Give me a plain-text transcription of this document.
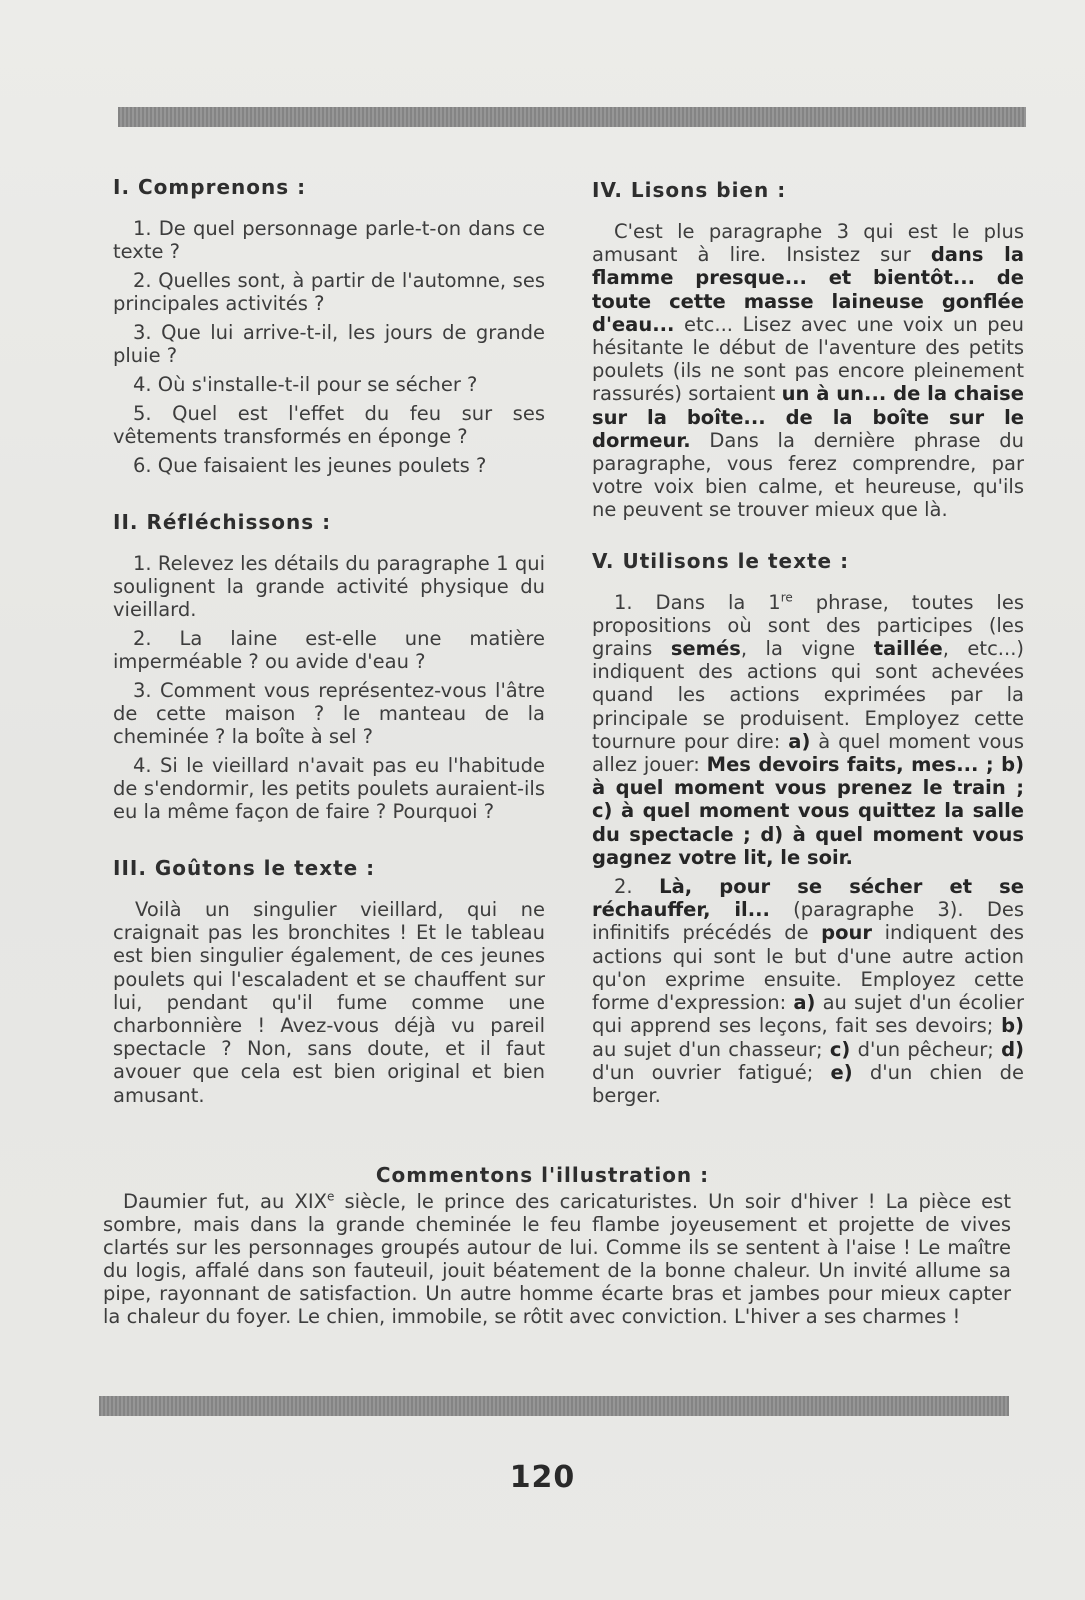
I. Comprenons :
1. De quel personnage parle-t-on dans ce texte ?
2. Quelles sont, à partir de l'automne, ses principales activités ?
3. Que lui arrive-t-il, les jours de grande pluie ?
4. Où s'installe-t-il pour se sécher ?
5. Quel est l'effet du feu sur ses vêtements transformés en éponge ?
6. Que faisaient les jeunes poulets ?
II. Réfléchissons :
1. Relevez les détails du paragraphe 1 qui soulignent la grande activité physique du vieillard.
2. La laine est-elle une matière imperméable ? ou avide d'eau ?
3. Comment vous représentez-vous l'âtre de cette maison ? le manteau de la cheminée ? la boîte à sel ?
4. Si le vieillard n'avait pas eu l'habitude de s'endormir, les petits poulets auraient-ils eu la même façon de faire ? Pourquoi ?
III. Goûtons le texte :

Voilà un singulier vieillard, qui ne craignait pas les bronchites ! Et le tableau est bien singulier également, de ces jeunes poulets qui l'escaladent et se chauffent sur lui, pendant qu'il fume comme une charbonnière ! Avez-vous déjà vu pareil spectacle ? Non, sans doute, et il faut avouer que cela est bien original et bien amusant.

IV. Lisons bien :

C'est le paragraphe 3 qui est le plus amusant à lire. Insistez sur dans la flamme presque... et bientôt... de toute cette masse laineuse gonflée d'eau... etc... Lisez avec une voix un peu hésitante le début de l'aventure des petits poulets (ils ne sont pas encore pleinement rassurés) sortaient un à un... de la chaise sur la boîte... de la boîte sur le dormeur. Dans la dernière phrase du paragraphe, vous ferez comprendre, par votre voix bien calme, et heureuse, qu'ils ne peuvent se trouver mieux que là.

V. Utilisons le texte :

1. Dans la 1re phrase, toutes les propositions où sont des participes (les grains semés, la vigne taillée, etc...) indiquent des actions qui sont achevées quand les actions exprimées par la principale se produisent. Employez cette tournure pour dire: a) à quel moment vous allez jouer: Mes devoirs faits, mes... ; b) à quel moment vous prenez le train ; c) à quel moment vous quittez la salle du spectacle ; d) à quel moment vous gagnez votre lit, le soir.

2. Là, pour se sécher et se réchauffer, il... (paragraphe 3). Des infinitifs précédés de pour indiquent des actions qui sont le but d'une autre action qu'on exprime ensuite. Employez cette forme d'expression: a) au sujet d'un écolier qui apprend ses leçons, fait ses devoirs; b) au sujet d'un chasseur; c) d'un pêcheur; d) d'un ouvrier fatigué; e) d'un chien de berger.

Commentons l'illustration :

Daumier fut, au XIXe siècle, le prince des caricaturistes. Un soir d'hiver ! La pièce est sombre, mais dans la grande cheminée le feu flambe joyeusement et projette de vives clartés sur les personnages groupés autour de lui. Comme ils se sentent à l'aise ! Le maître du logis, affalé dans son fauteuil, jouit béatement de la bonne chaleur. Un invité allume sa pipe, rayonnant de satisfaction. Un autre homme écarte bras et jambes pour mieux capter la chaleur du foyer. Le chien, immobile, se rôtit avec conviction. L'hiver a ses charmes !

120
